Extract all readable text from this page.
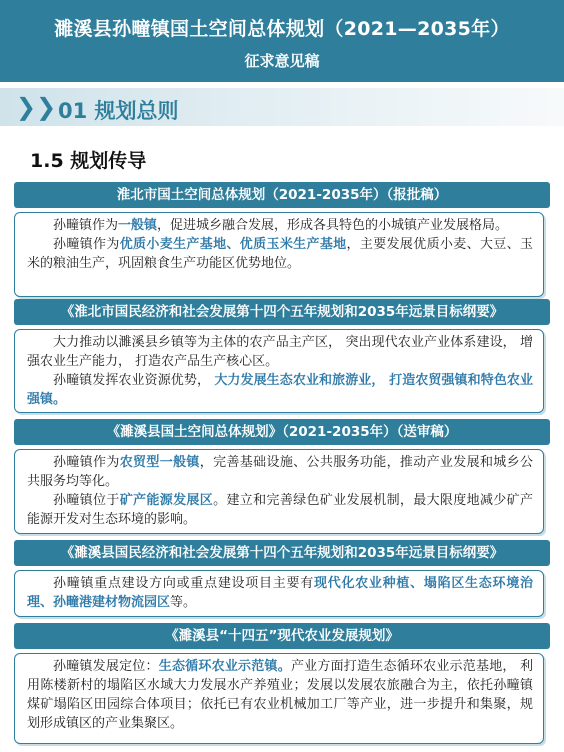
濉溪县孙疃镇国土空间总体规划（2021—2035年）
征求意见稿
❯❯ 01 规划总则
1.5 规划传导
淮北市国土空间总体规划（2021-2035年）（报批稿）

孙疃镇作为一般镇，促进城乡融合发展，形成各具特色的小城镇产业发展格局。

孙疃镇作为优质小麦生产基地、优质玉米生产基地，主要发展优质小麦、大豆、玉米的粮油生产，巩固粮食生产功能区优势地位。

《淮北市国民经济和社会发展第十四个五年规划和2035年远景目标纲要》

大力推动以濉溪县乡镇等为主体的农产品主产区， 突出现代农业产业体系建设， 增强农业生产能力， 打造农产品生产核心区。

孙疃镇发挥农业资源优势， 大力发展生态农业和旅游业， 打造农贸强镇和特色农业强镇。

《濉溪县国土空间总体规划》（2021-2035年）（送审稿）

孙疃镇作为农贸型一般镇，完善基础设施、公共服务功能，推动产业发展和城乡公共服务均等化。

孙疃镇位于矿产能源发展区。建立和完善绿色矿业发展机制，最大限度地减少矿产能源开发对生态环境的影响。

《濉溪县国民经济和社会发展第十四个五年规划和2035年远景目标纲要》

孙疃镇重点建设方向或重点建设项目主要有现代化农业种植、塌陷区生态环境治理、孙疃港建材物流园区等。

《濉溪县“十四五”现代农业发展规划》

孙疃镇发展定位：生态循环农业示范镇。产业方面打造生态循环农业示范基地， 利用陈楼新村的塌陷区水域大力发展水产养殖业；发展以发展农旅融合为主，依托孙疃镇煤矿塌陷区田园综合体项目；依托已有农业机械加工厂等产业，进一步提升和集聚，规划形成镇区的产业集聚区。
